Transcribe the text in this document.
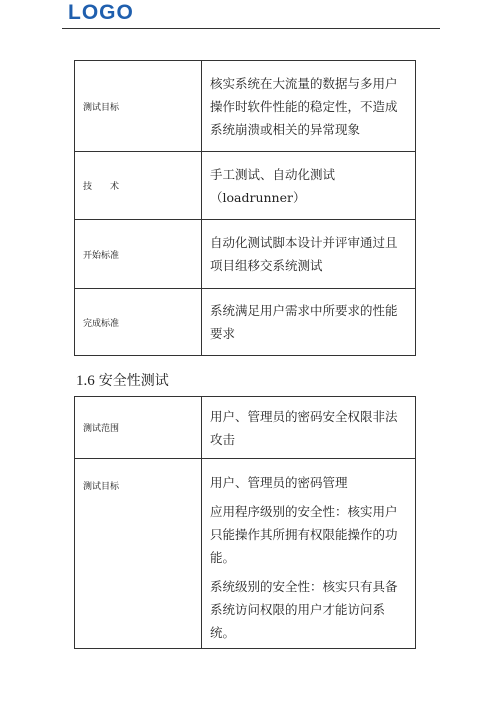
LOGO
测试目标	核实系统在大流量的数据与多用户操作时软件性能的稳定性，不造成系统崩溃或相关的异常现象

技　　术	手工测试、自动化测试（loadrunner）

开始标准	自动化测试脚本设计并评审通过且项目组移交系统测试

完成标准	系统满足用户需求中所要求的性能要求
1.6 安全性测试
测试范围	用户、管理员的密码安全权限非法攻击

测试目标	用户、管理员的密码管理
应用程序级别的安全性：核实用户只能操作其所拥有权限能操作的功能。
系统级别的安全性：核实只有具备系统访问权限的用户才能访问系统。
